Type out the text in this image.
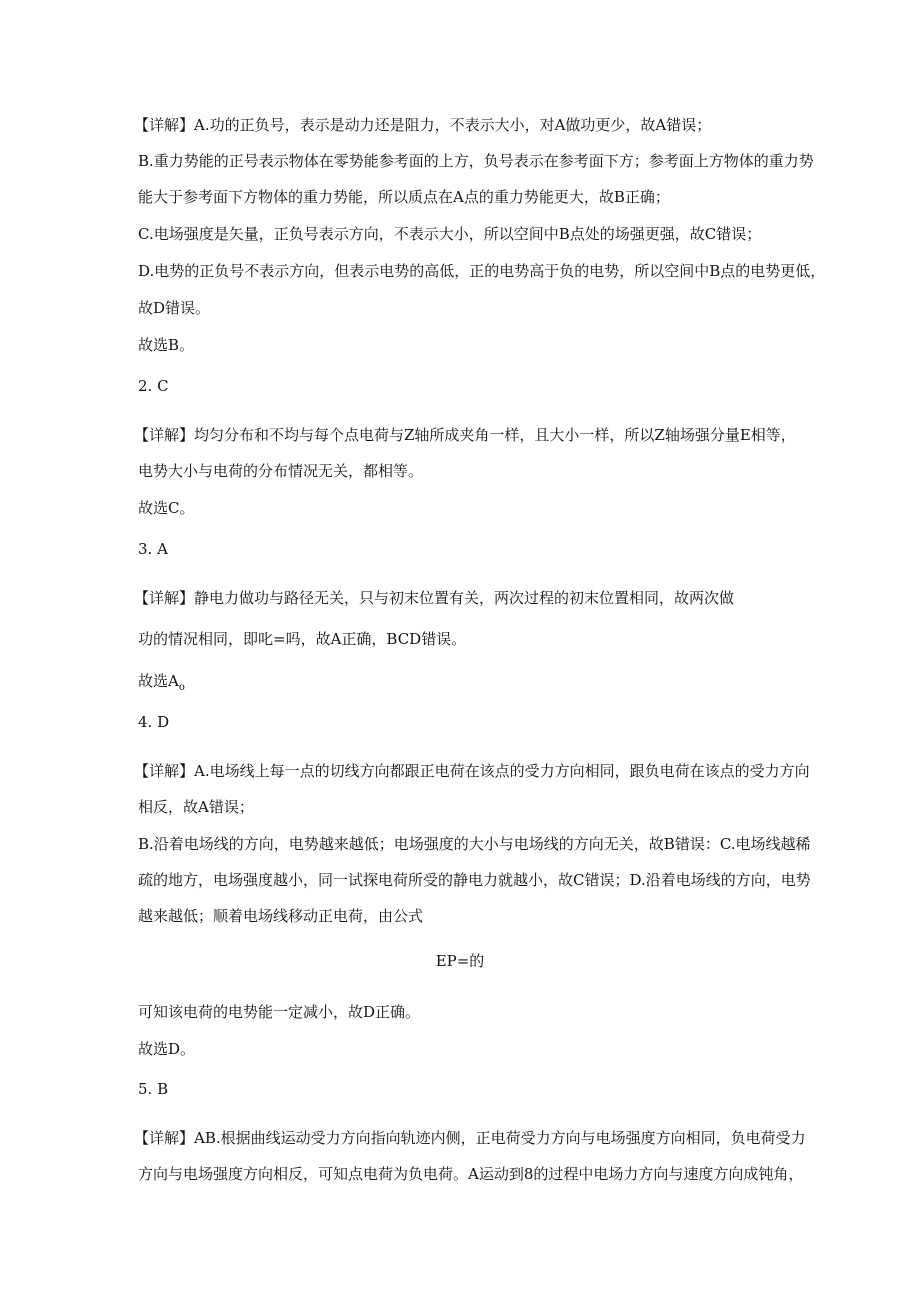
【详解】A.功的正负号，表示是动力还是阻力，不表示大小，对A做功更少，故A错误；
B.重力势能的正号表示物体在零势能参考面的上方，负号表示在参考面下方；参考面上方物体的重力势
能大于参考面下方物体的重力势能，所以质点在A点的重力势能更大，故B正确；
C.电场强度是矢量，正负号表示方向，不表示大小，所以空间中B点处的场强更强，故C错误；
D.电势的正负号不表示方向，但表示电势的高低，正的电势高于负的电势，所以空间中B点的电势更低，
故D错误。
故选B。
2. C
【详解】均匀分布和不均与每个点电荷与Z轴所成夹角一样，且大小一样，所以Z轴场强分量E相等，
电势大小与电荷的分布情况无关，都相等。
故选C。
3. A
【详解】静电力做功与路径无关，只与初末位置有关，两次过程的初末位置相同，故两次做
功的情况相同，即叱=吗，故A正确，BCD错误。
故选$A_o$
4. D
【详解】A.电场线上每一点的切线方向都跟正电荷在该点的受力方向相同，跟负电荷在该点的受力方向
相反，故A错误；
B.沿着电场线的方向，电势越来越低；电场强度的大小与电场线的方向无关，故B错误：C.电场线越稀
疏的地方，电场强度越小，同一试探电荷所受的静电力就越小，故C错误；D.沿着电场线的方向，电势
越来越低；顺着电场线移动正电荷，由公式
EP=的
可知该电荷的电势能一定减小，故D正确。
故选D。
5. B
【详解】AB.根据曲线运动受力方向指向轨迹内侧，正电荷受力方向与电场强度方向相同，负电荷受力
方向与电场强度方向相反，可知点电荷为负电荷。A运动到8的过程中电场力方向与速度方向成钝角，
